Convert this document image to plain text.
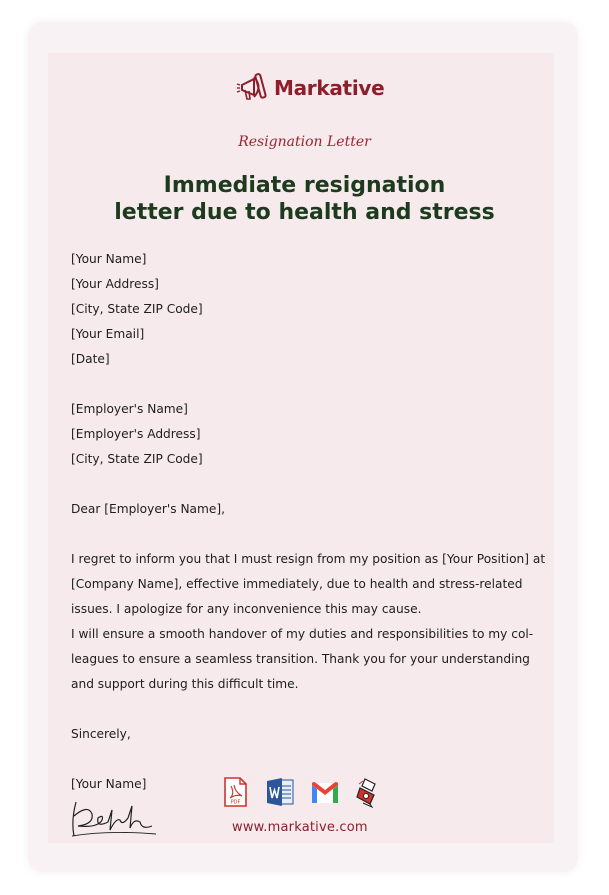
Markative
Resignation Letter
Immediate resignation
letter due to health and stress
[Your Name]
[Your Address]
[City, State ZIP Code]
[Your Email]
[Date]
[Employer's Name]
[Employer's Address]
[City, State ZIP Code]
Dear [Employer's Name],
I regret to inform you that I must resign from my position as [Your Position] at
[Company Name], effective immediately, due to health and stress-related
issues. I apologize for any inconvenience this may cause.
I will ensure a smooth handover of my duties and responsibilities to my col-
leagues to ensure a seamless transition. Thank you for your understanding
and support during this difficult time.
Sincerely,
[Your Name]
PDF
www.markative.com
